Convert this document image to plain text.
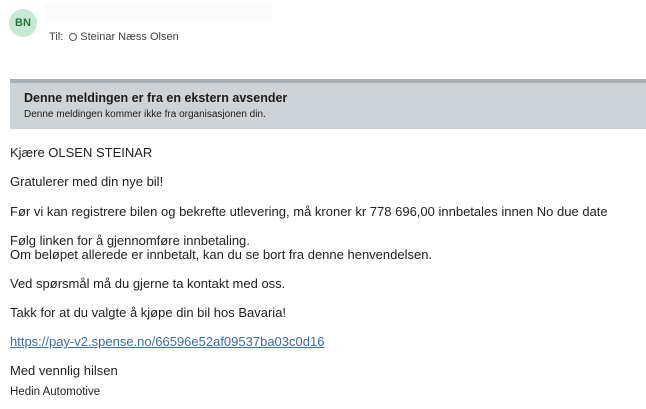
BN
Til: Steinar Næss Olsen
Denne meldingen er fra en ekstern avsender
Denne meldingen kommer ikke fra organisasjonen din.
Kjære OLSEN STEINAR
Gratulerer med din nye bil!
Før vi kan registrere bilen og bekrefte utlevering, må kroner kr 778 696,00 innbetales innen No due date
Følg linken for å gjennomføre innbetaling.
Om beløpet allerede er innbetalt, kan du se bort fra denne henvendelsen.
Ved spørsmål må du gjerne ta kontakt med oss.
Takk for at du valgte å kjøpe din bil hos Bavaria!
https://pay-v2.spense.no/66596e52af09537ba03c0d16
Med vennlig hilsen
Hedin Automotive
